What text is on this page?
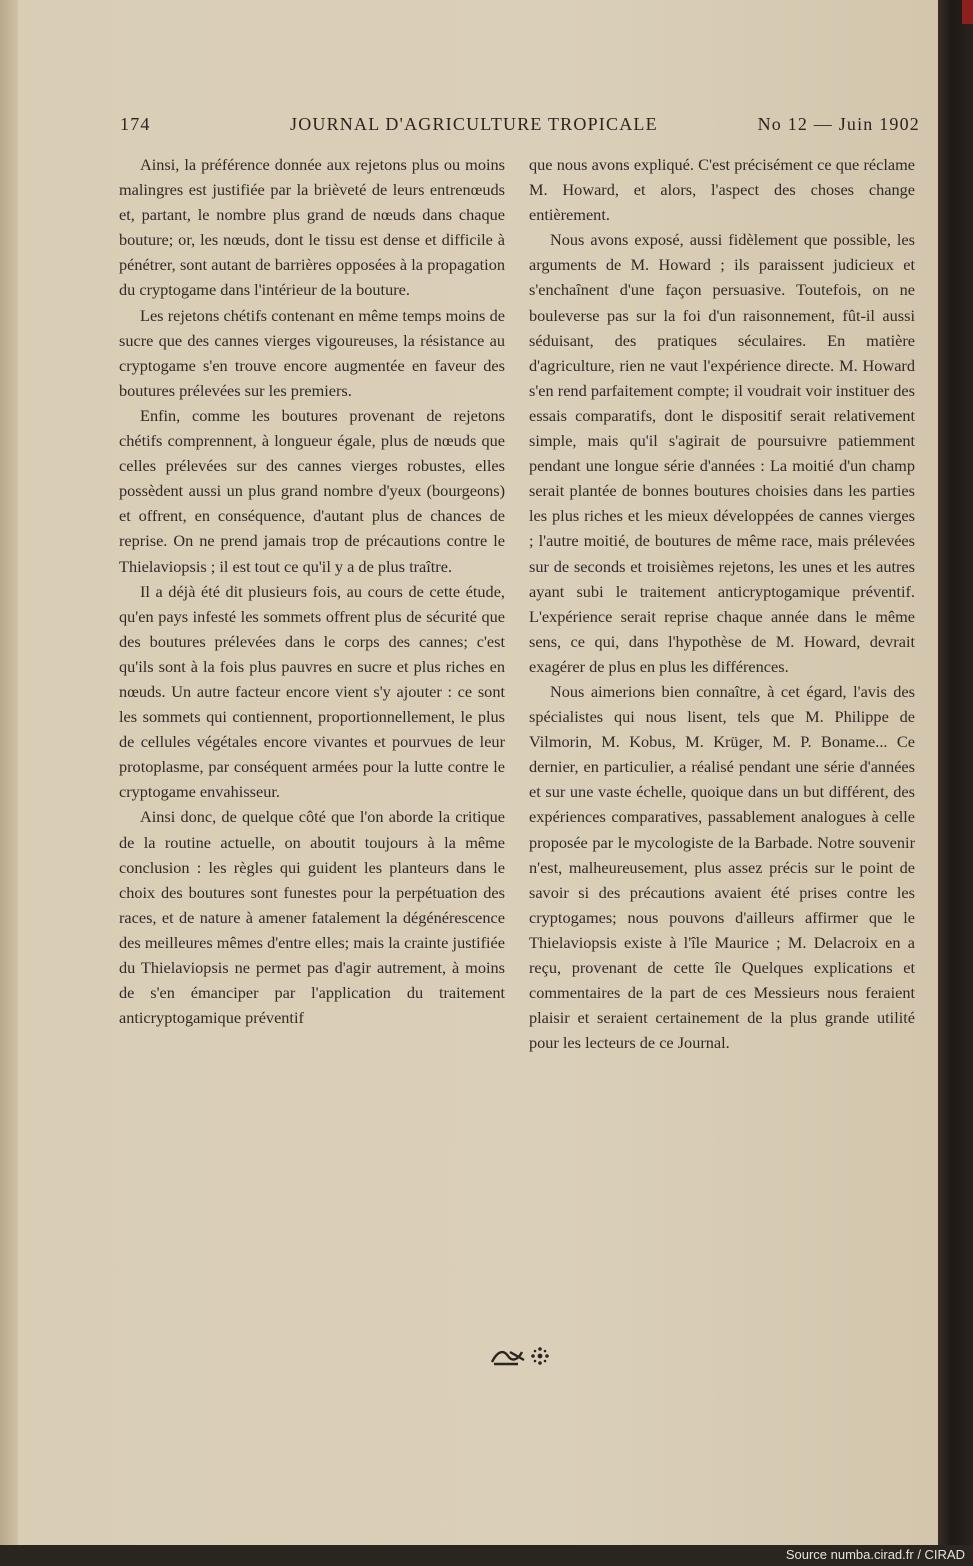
174	JOURNAL D'AGRICULTURE TROPICALE	No 12 — Juin 1902

Ainsi, la préférence donnée aux rejetons plus ou moins malingres est justifiée par la brièveté de leurs entrenœuds et, partant, le nombre plus grand de nœuds dans chaque bouture; or, les nœuds, dont le tissu est dense et difficile à pénétrer, sont autant de barrières opposées à la propagation du cryptogame dans l'intérieur de la bouture.

Les rejetons chétifs contenant en même temps moins de sucre que des cannes vierges vigoureuses, la résistance au cryptogame s'en trouve encore augmentée en faveur des boutures prélevées sur les premiers.

Enfin, comme les boutures provenant de rejetons chétifs comprennent, à longueur égale, plus de nœuds que celles prélevées sur des cannes vierges robustes, elles possèdent aussi un plus grand nombre d'yeux (bourgeons) et offrent, en conséquence, d'autant plus de chances de reprise. On ne prend jamais trop de précautions contre le Thielaviopsis ; il est tout ce qu'il y a de plus traître.

Il a déjà été dit plusieurs fois, au cours de cette étude, qu'en pays infesté les sommets offrent plus de sécurité que des boutures prélevées dans le corps des cannes; c'est qu'ils sont à la fois plus pauvres en sucre et plus riches en nœuds. Un autre facteur encore vient s'y ajouter : ce sont les sommets qui contiennent, proportionnellement, le plus de cellules végétales encore vivantes et pourvues de leur protoplasme, par conséquent armées pour la lutte contre le cryptogame envahisseur.

Ainsi donc, de quelque côté que l'on aborde la critique de la routine actuelle, on aboutit toujours à la même conclusion : les règles qui guident les planteurs dans le choix des boutures sont funestes pour la perpétuation des races, et de nature à amener fatalement la dégénérescence des meilleures mêmes d'entre elles; mais la crainte justifiée du Thielaviopsis ne permet pas d'agir autrement, à moins de s'en émanciper par l'application du traitement anticryptogamique préventif

que nous avons expliqué. C'est précisément ce que réclame M. Howard, et alors, l'aspect des choses change entièrement.

Nous avons exposé, aussi fidèlement que possible, les arguments de M. Howard ; ils paraissent judicieux et s'enchaînent d'une façon persuasive. Toutefois, on ne bouleverse pas sur la foi d'un raisonnement, fût-il aussi séduisant, des pratiques séculaires. En matière d'agriculture, rien ne vaut l'expérience directe. M. Howard s'en rend parfaitement compte; il voudrait voir instituer des essais comparatifs, dont le dispositif serait relativement simple, mais qu'il s'agirait de poursuivre patiemment pendant une longue série d'années : La moitié d'un champ serait plantée de bonnes boutures choisies dans les parties les plus riches et les mieux développées de cannes vierges ; l'autre moitié, de boutures de même race, mais prélevées sur de seconds et troisièmes rejetons, les unes et les autres ayant subi le traitement anticryptogamique préventif. L'expérience serait reprise chaque année dans le même sens, ce qui, dans l'hypothèse de M. Howard, devrait exagérer de plus en plus les différences.

Nous aimerions bien connaître, à cet égard, l'avis des spécialistes qui nous lisent, tels que M. Philippe de Vilmorin, M. Kobus, M. Krüger, M. P. Boname... Ce dernier, en particulier, a réalisé pendant une série d'années et sur une vaste échelle, quoique dans un but différent, des expériences comparatives, passablement analogues à celle proposée par le mycologiste de la Barbade. Notre souvenir n'est, malheureusement, plus assez précis sur le point de savoir si des précautions avaient été prises contre les cryptogames; nous pouvons d'ailleurs affirmer que le Thielaviopsis existe à l'île Maurice ; M. Delacroix en a reçu, provenant de cette île Quelques explications et commentaires de la part de ces Messieurs nous feraient plaisir et seraient certainement de la plus grande utilité pour les lecteurs de ce Journal.

Source numba.cirad.fr / CIRAD
